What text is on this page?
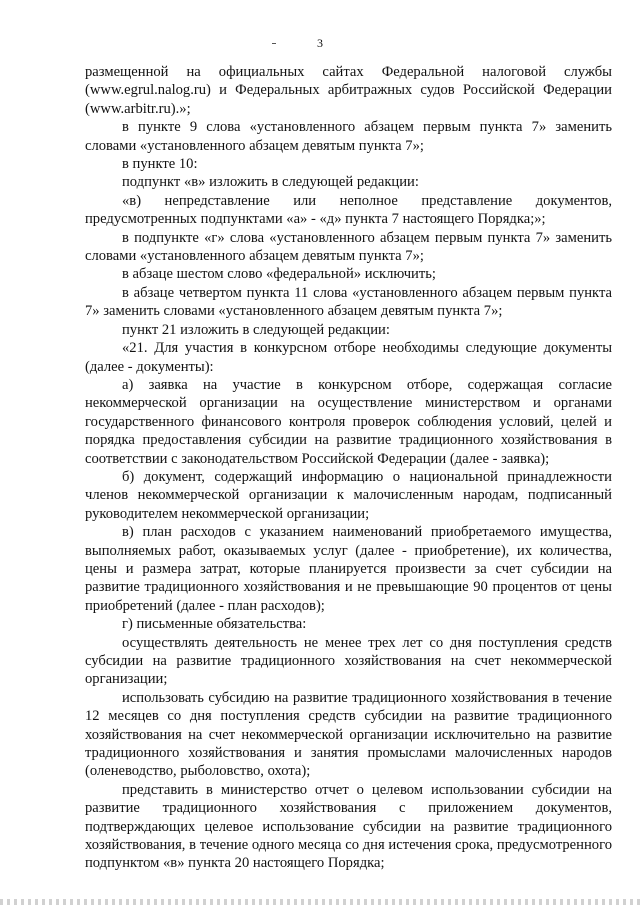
3

размещенной на официальных сайтах Федеральной налоговой службы (www.egrul.nalog.ru) и Федеральных арбитражных судов Российской Федерации (www.arbitr.ru).»;

в пункте 9 слова «установленного абзацем первым пункта 7» заменить словами «установленного абзацем девятым пункта 7»;

в пункте 10:

подпункт «в» изложить в следующей редакции:

«в) непредставление или неполное представление документов, предусмотренных подпунктами «а» - «д» пункта 7 настоящего Порядка;»;

в подпункте «г» слова «установленного абзацем первым пункта 7» заменить словами «установленного абзацем девятым пункта 7»;

в абзаце шестом слово «федеральной» исключить;

в абзаце четвертом пункта 11 слова «установленного абзацем первым пункта 7» заменить словами «установленного абзацем девятым пункта 7»;

пункт 21 изложить в следующей редакции:

«21. Для участия в конкурсном отборе необходимы следующие документы (далее - документы):

а) заявка на участие в конкурсном отборе, содержащая согласие некоммерческой организации на осуществление министерством и органами государственного финансового контроля проверок соблюдения условий, целей и порядка предоставления субсидии на развитие традиционного хозяйствования в соответствии с законодательством Российской Федерации (далее - заявка);

б) документ, содержащий информацию о национальной принадлежности членов некоммерческой организации к малочисленным народам, подписанный руководителем некоммерческой организации;

в) план расходов с указанием наименований приобретаемого имущества, выполняемых работ, оказываемых услуг (далее - приобретение), их количества, цены и размера затрат, которые планируется произвести за счет субсидии на развитие традиционного хозяйствования и не превышающие 90 процентов от цены приобретений (далее - план расходов);

г) письменные обязательства:

осуществлять деятельность не менее трех лет со дня поступления средств субсидии на развитие традиционного хозяйствования на счет некоммерческой организации;

использовать субсидию на развитие традиционного хозяйствования в течение 12 месяцев со дня поступления средств субсидии на развитие традиционного хозяйствования на счет некоммерческой организации исключительно на развитие традиционного хозяйствования и занятия промыслами малочисленных народов (оленеводство, рыболовство, охота);

представить в министерство отчет о целевом использовании субсидии на развитие традиционного хозяйствования с приложением документов, подтверждающих целевое использование субсидии на развитие традиционного хозяйствования, в течение одного месяца со дня истечения срока, предусмотренного подпунктом «в» пункта 20 настоящего Порядка;
